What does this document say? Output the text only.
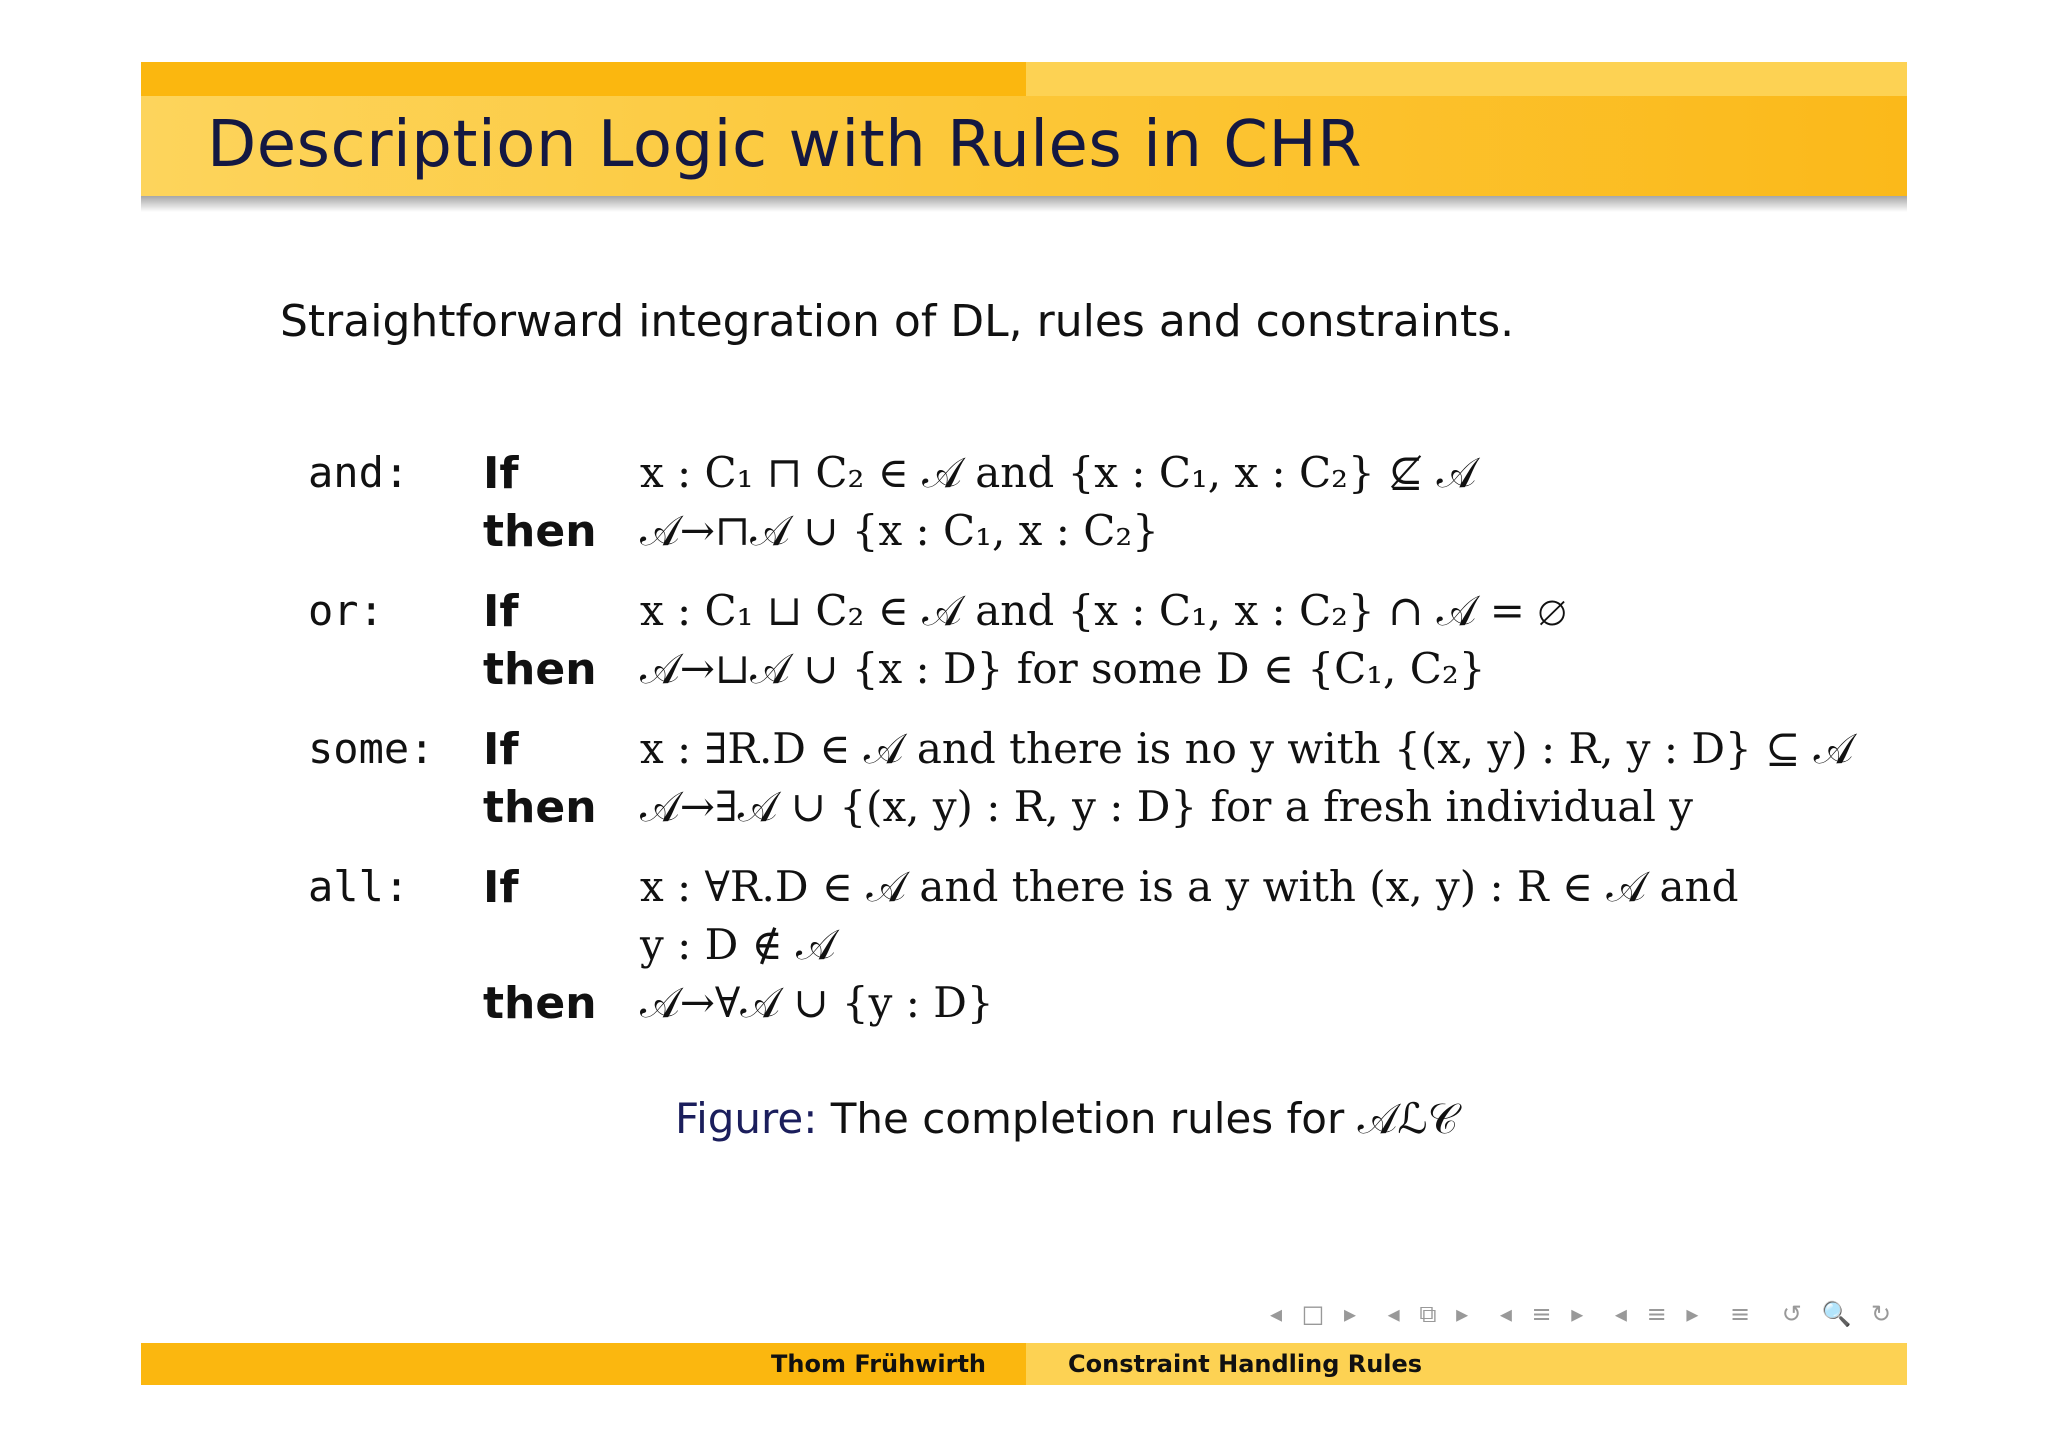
Description Logic with Rules in CHR
Straightforward integration of DL, rules and constraints.
and: If	x : C₁ ⊓ C₂ ∈ 𝒜 and {x : C₁, x : C₂} ⊈ 𝒜
then 𝒜→⊓𝒜 ∪ {x : C₁, x : C₂}
or: If	x : C₁ ⊔ C₂ ∈ 𝒜 and {x : C₁, x : C₂} ∩ 𝒜 = ∅
then 𝒜→⊔𝒜 ∪ {x : D} for some D ∈ {C₁, C₂}
some: If	x : ∃R.D ∈ 𝒜 and there is no y with {(x, y) : R, y : D} ⊆ 𝒜
then 𝒜→∃𝒜 ∪ {(x, y) : R, y : D} for a fresh individual y
all: If	x : ∀R.D ∈ 𝒜 and there is a y with (x, y) : R ∈ 𝒜 and
y : D ∉ 𝒜
then 𝒜→∀𝒜 ∪ {y : D}
Figure: The completion rules for 𝒜ℒ𝒞
◂ □ ▸ ◂ ⧉ ▸ ◂ ≡ ▸ ◂ ≡ ▸ ≡ ↺ 🔍 ↻
Thom Frühwirth	Constraint Handling Rules
